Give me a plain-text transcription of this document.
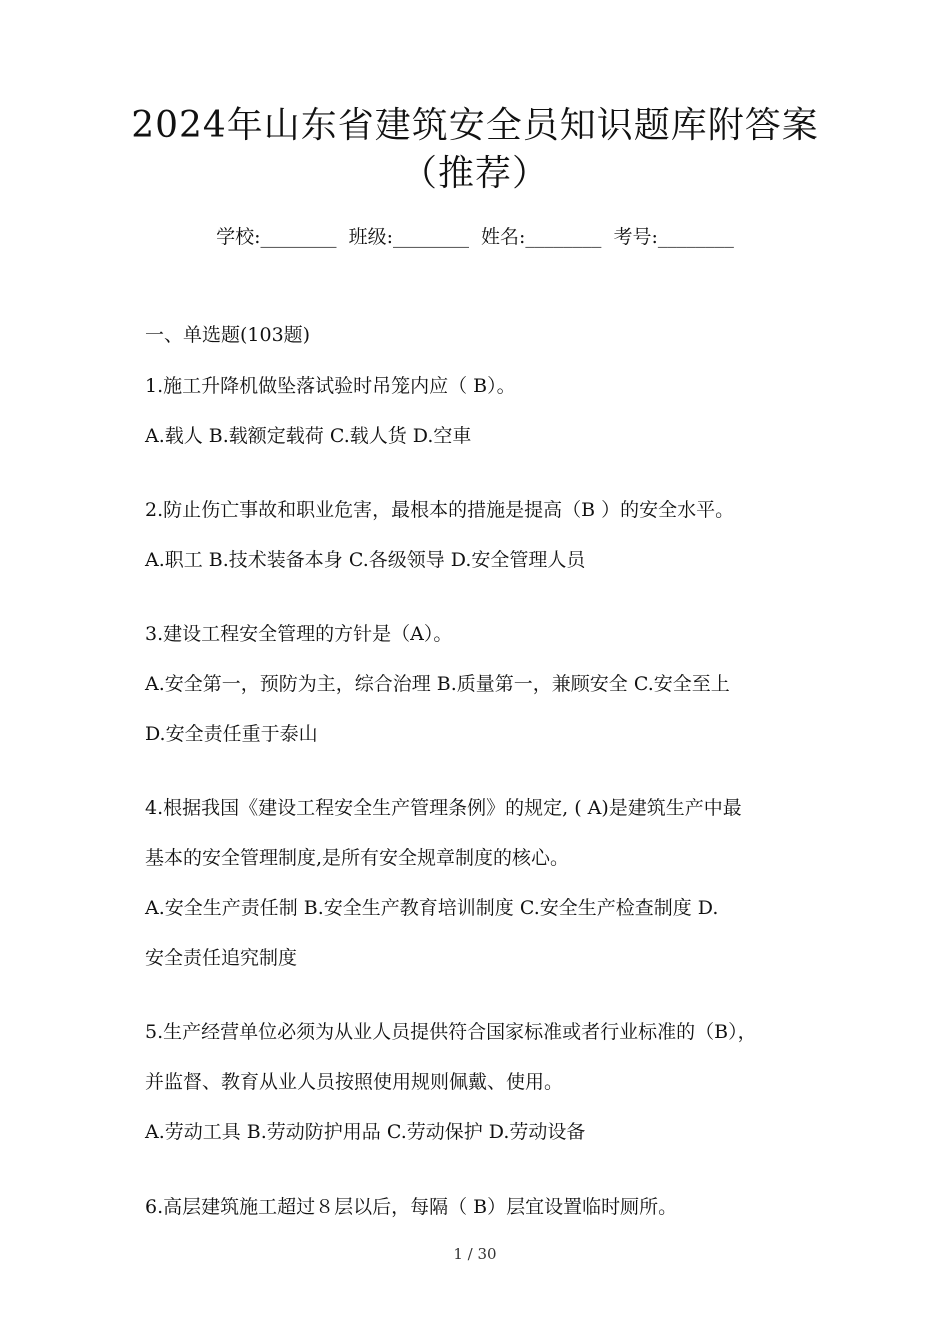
2024年山东省建筑安全员知识题库附答案
（推荐）
学校:________ 班级:________ 姓名:________ 考号:________
一、单选题(103题)
1.施工升降机做坠落试验时吊笼内应（ B）。
A.载人 B.载额定载荷 C.载人货 D.空車
2.防止伤亡事故和职业危害，最根本的措施是提高（B ）的安全水平。
A.职工 B.技术装备本身 C.各级领导 D.安全管理人员
3.建设工程安全管理的方针是（A）。
A.安全第一，预防为主，综合治理 B.质量第一，兼顾安全 C.安全至上
D.安全责任重于泰山
4.根据我国《建设工程安全生产管理条例》的规定, ( A)是建筑生产中最
基本的安全管理制度,是所有安全规章制度的核心。
A.安全生产责任制 B.安全生产教育培训制度 C.安全生产检查制度 D.
安全责任追究制度
5.生产经营单位必须为从业人员提供符合国家标准或者行业标准的（B），
并监督、教育从业人员按照使用规则佩戴、使用。
A.劳动工具 B.劳动防护用品 C.劳动保护 D.劳动设备
6.高层建筑施工超过８层以后，每隔（ B）层宜设置临时厕所。
1 / 30
